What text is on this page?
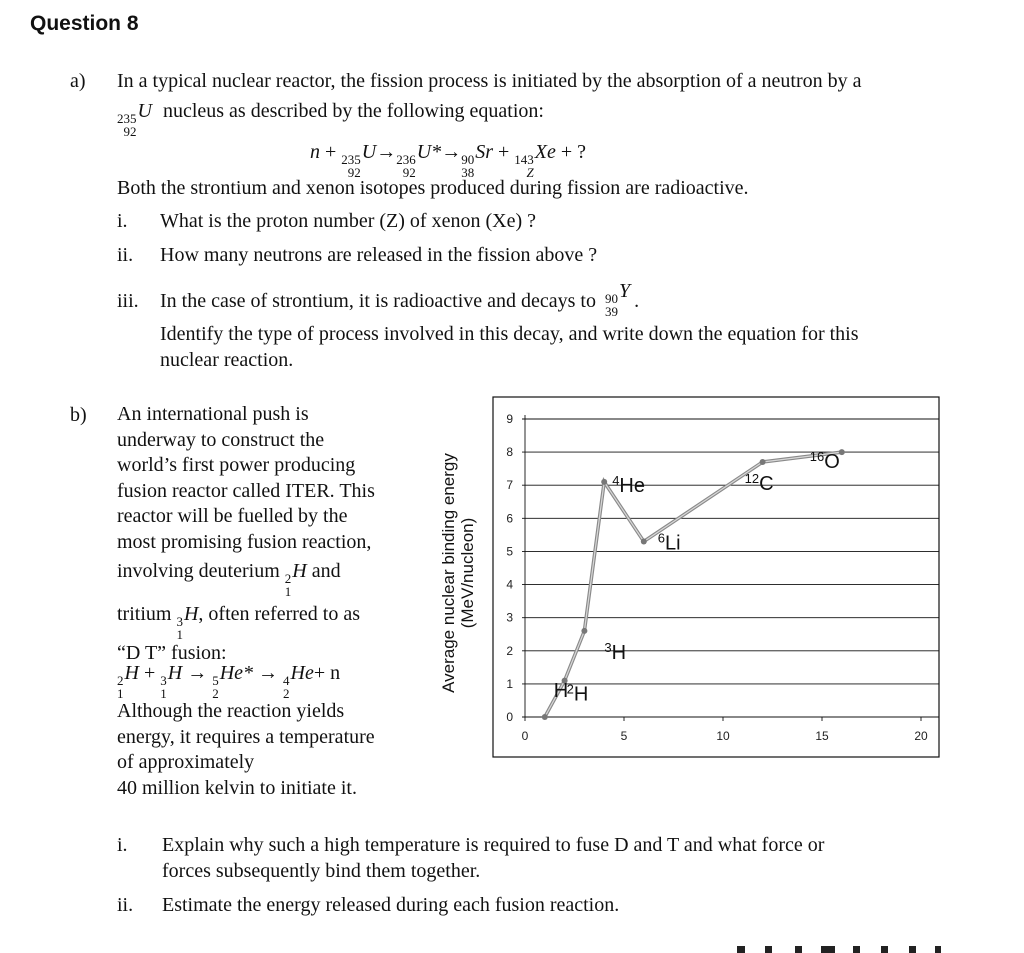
Question 8
a) In a typical nuclear reactor, the fission process is initiated by the absorption of a neutron by a
235
92
U nucleus as described by the following equation:
n + 235
92
U→ 236
92
U*→ 90
38
Sr + 143
Z
Xe + ?
Both the strontium and xenon isotopes produced during fission are radioactive.
i. What is the proton number (Z) of xenon (Xe) ?
ii. How many neutrons are released in the fission above ?
iii. In the case of strontium, it is radioactive and decays to 90
39
Y .
Identify the type of process involved in this decay, and write down the equation for this
nuclear reaction.
b) An international push is
underway to construct the
world’s first power producing
fusion reactor called ITER. This
reactor will be fuelled by the
most promising fusion reaction,
involving deuterium 2
1
H and
tritium 3
1
H, often referred to as
“D T” fusion:
2
1
H + 3
1
H → 5
2
He* → 4
2
He+ n
Although the reaction yields
energy, it requires a temperature
of approximately
40 million kelvin to initiate it.
0
1
2
3
4
5
6
7
8
9
0	5	10	15	20
Average nuclear binding energy (MeV/nucleon)
H
$^2$H
$^3$H
$^4$He
$^6$Li
$^{12}$C
$^{16}$O
i. Explain why such a high temperature is required to fuse D and T and what force or
forces subsequently bind them together.
ii. Estimate the energy released during each fusion reaction.
